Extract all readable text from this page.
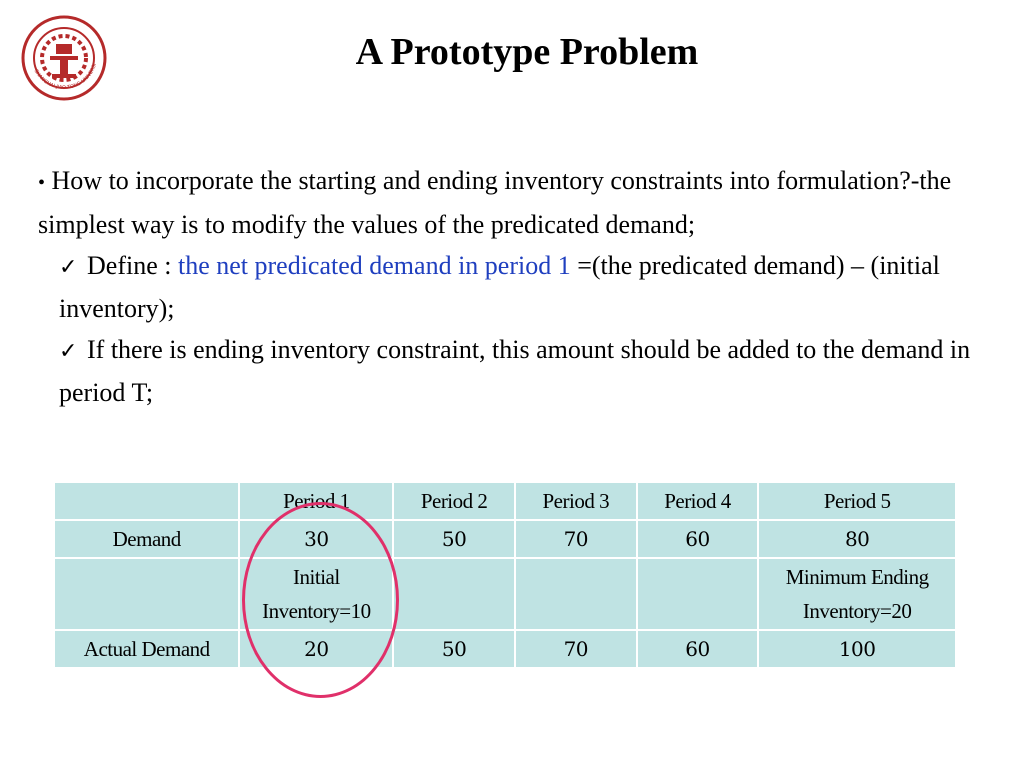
SHANGHAI JIAO TONG UNIVERSI	A Prototype Problem

• How to incorporate the starting and ending inventory constraints into formulation?-the simplest way is to modify the values of the predicated demand;

✓ Define : the net predicated demand in period 1 =(the predicated demand) – (initial inventory);

✓ If there is ending inventory constraint, this amount should be added to the demand in period T;

	Period 1	Period 2	Period 3	Period 4	Period 5
Demand	30	50	70	60	80
	Initial Inventory=10				Minimum Ending Inventory=20
Actual Demand	20	50	70	60	100
